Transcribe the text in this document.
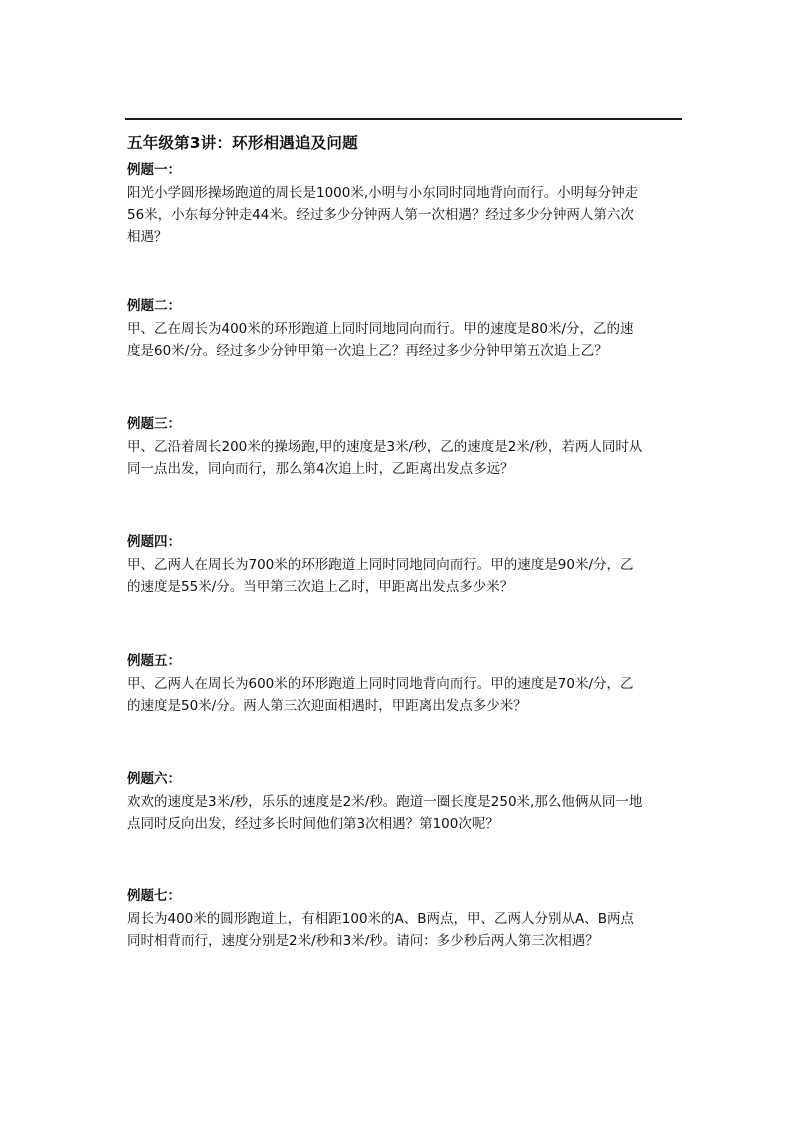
五年级第3讲：环形相遇追及问题
例题一：
阳光小学圆形操场跑道的周长是1000米,小明与小东同时同地背向而行。小明每分钟走
56米，小东每分钟走44米。经过多少分钟两人第一次相遇？经过多少分钟两人第六次
相遇？
例题二：
甲、乙在周长为400米的环形跑道上同时同地同向而行。甲的速度是80米/分，乙的速
度是60米/分。经过多少分钟甲第一次追上乙？再经过多少分钟甲第五次追上乙？
例题三：
甲、乙沿着周长200米的操场跑,甲的速度是3米/秒，乙的速度是2米/秒，若两人同时从
同一点出发，同向而行，那么第4次追上时，乙距离出发点多远？
例题四：
甲、乙两人在周长为700米的环形跑道上同时同地同向而行。甲的速度是90米/分，乙
的速度是55米/分。当甲第三次追上乙时，甲距离出发点多少米？
例题五：
甲、乙两人在周长为600米的环形跑道上同时同地背向而行。甲的速度是70米/分，乙
的速度是50米/分。两人第三次迎面相遇时，甲距离出发点多少米？
例题六：
欢欢的速度是3米/秒，乐乐的速度是2米/秒。跑道一圈长度是250米,那么他俩从同一地
点同时反向出发，经过多长时间他们第3次相遇？第100次呢？
例题七：
周长为400米的圆形跑道上，有相距100米的A、B两点，甲、乙两人分别从A、B两点
同时相背而行，速度分别是2米/秒和3米/秒。请问：多少秒后两人第三次相遇？
